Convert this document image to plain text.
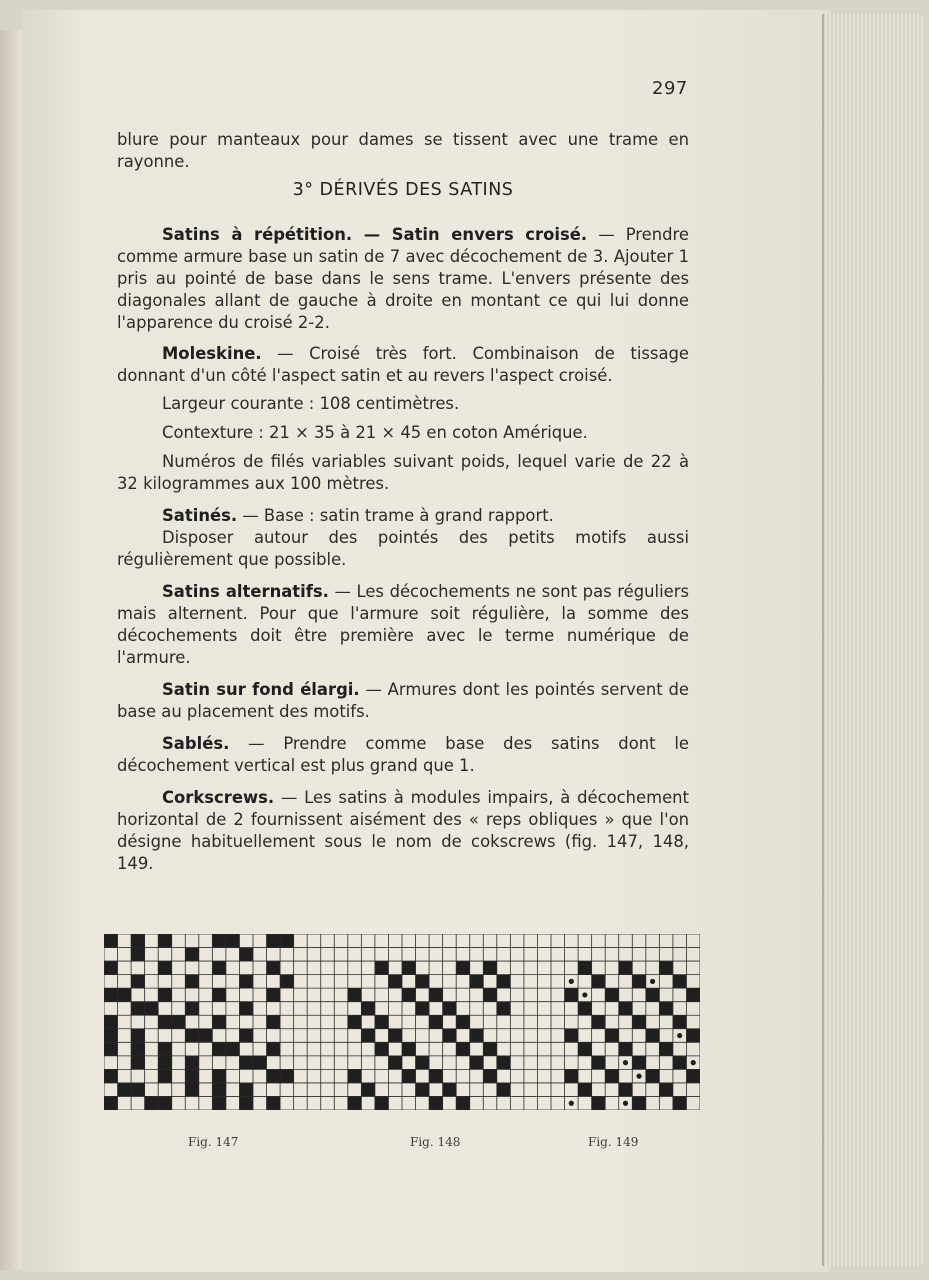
297

blure pour manteaux pour dames se tissent avec une trame en rayonne.

3° DÉRIVÉS DES SATINS

Satins à répétition. — Satin envers croisé. — Prendre comme armure base un satin de 7 avec décochement de 3. Ajouter 1 pris au pointé de base dans le sens trame. L'envers présente des diagonales allant de gauche à droite en montant ce qui lui donne l'apparence du croisé 2-2.

Moleskine. — Croisé très fort. Combinaison de tissage donnant d'un côté l'aspect satin et au revers l'aspect croisé.

Largeur courante : 108 centimètres.

Contexture : 21 × 35 à 21 × 45 en coton Amérique.

Numéros de filés variables suivant poids, lequel varie de 22 à 32 kilogrammes aux 100 mètres.

Satinés. — Base : satin trame à grand rapport.

Disposer autour des pointés des petits motifs aussi régulièrement que possible.

Satins alternatifs. — Les décochements ne sont pas réguliers mais alternent. Pour que l'armure soit régulière, la somme des décochements doit être première avec le terme numérique de l'armure.

Satin sur fond élargi. — Armures dont les pointés servent de base au placement des motifs.

Sablés. — Prendre comme base des satins dont le décochement vertical est plus grand que 1.

Corkscrews. — Les satins à modules impairs, à décochement horizontal de 2 fournissent aisément des « reps obliques » que l'on désigne habituellement sous le nom de cokscrews (fig. 147, 148, 149.

Fig. 147	Fig. 148	Fig. 149
